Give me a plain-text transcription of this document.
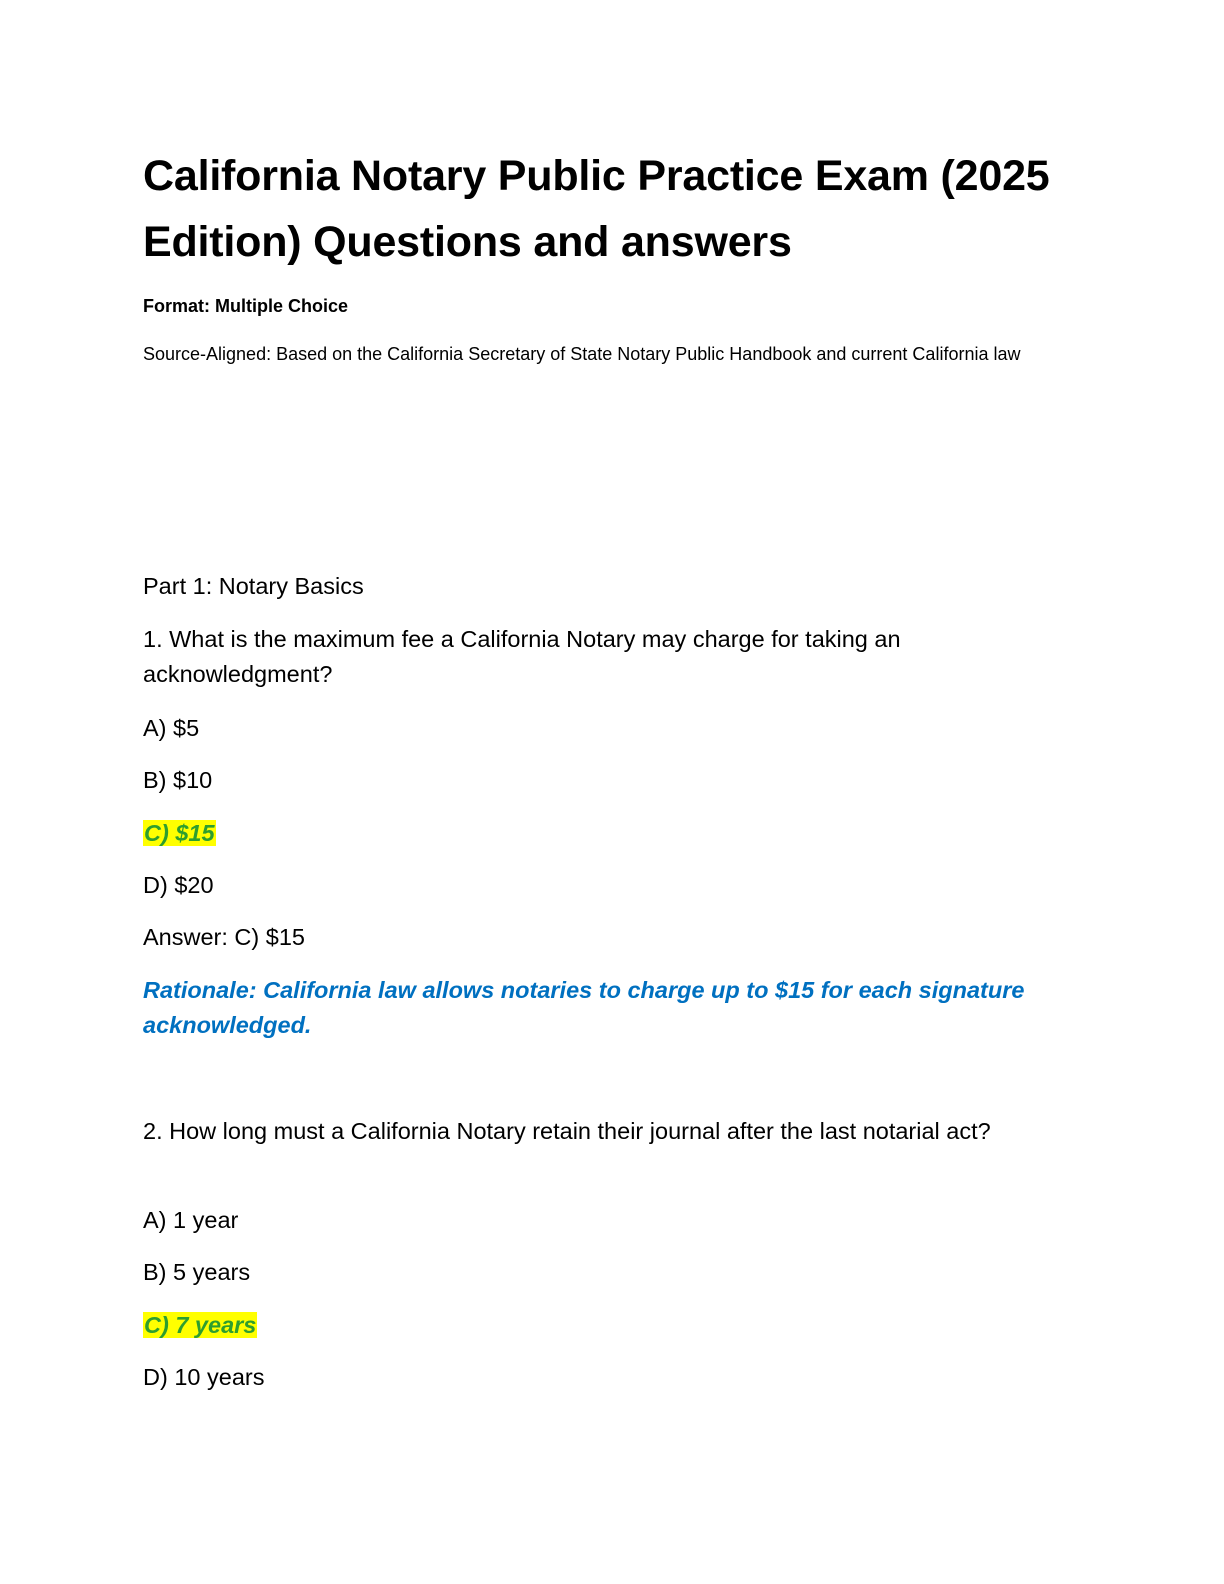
California Notary Public Practice Exam (2025 Edition) Questions and answers
Format: Multiple Choice
Source-Aligned: Based on the California Secretary of State Notary Public Handbook and current California law
Part 1: Notary Basics
1. What is the maximum fee a California Notary may charge for taking an acknowledgment?
A) $5
B) $10
C) $15
D) $20
Answer: C) $15
Rationale: California law allows notaries to charge up to $15 for each signature acknowledged.
2. How long must a California Notary retain their journal after the last notarial act?
A) 1 year
B) 5 years
C) 7 years
D) 10 years
